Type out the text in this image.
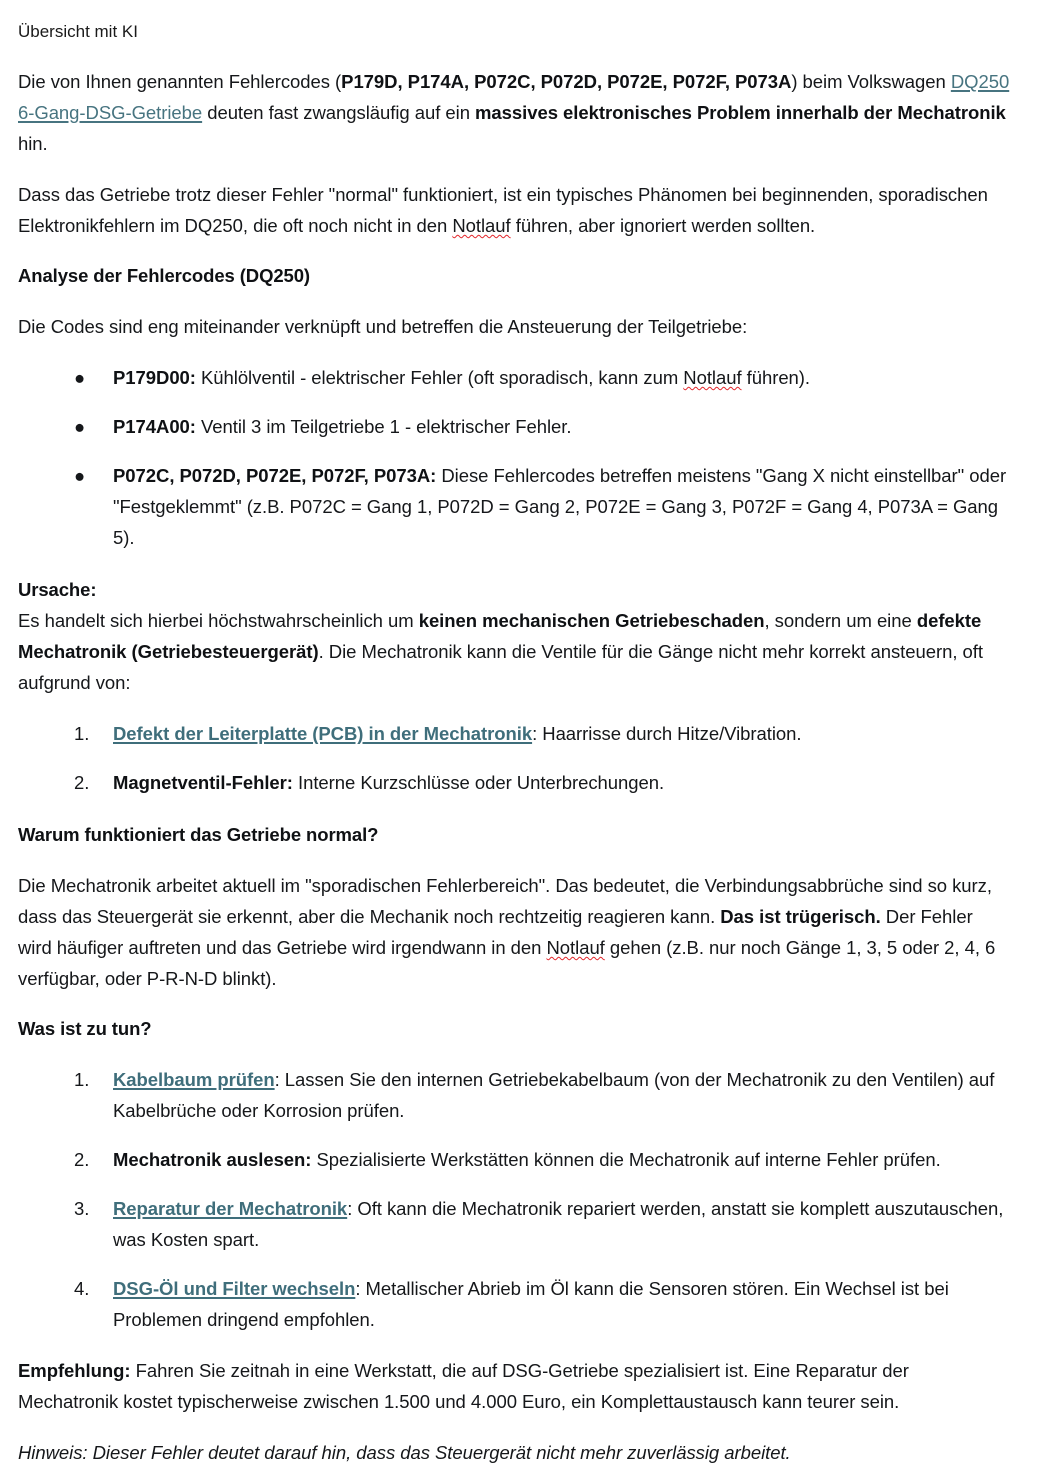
Übersicht mit KI

Die von Ihnen genannten Fehlercodes (P179D, P174A, P072C, P072D, P072E, P072F, P073A) beim Volkswagen DQ250 6-Gang-DSG-Getriebe deuten fast zwangsläufig auf ein massives elektronisches Problem innerhalb der Mechatronik hin.

Dass das Getriebe trotz dieser Fehler "normal" funktioniert, ist ein typisches Phänomen bei beginnenden, sporadischen Elektronikfehlern im DQ250, die oft noch nicht in den Notlauf führen, aber ignoriert werden sollten.

Analyse der Fehlercodes (DQ250)

Die Codes sind eng miteinander verknüpft und betreffen die Ansteuerung der Teilgetriebe:

● P179D00: Kühlölventil - elektrischer Fehler (oft sporadisch, kann zum Notlauf führen).
● P174A00: Ventil 3 im Teilgetriebe 1 - elektrischer Fehler.
● P072C, P072D, P072E, P072F, P073A: Diese Fehlercodes betreffen meistens "Gang X nicht einstellbar" oder "Festgeklemmt" (z.B. P072C = Gang 1, P072D = Gang 2, P072E = Gang 3, P072F = Gang 4, P073A = Gang 5).
Ursache:

Es handelt sich hierbei höchstwahrscheinlich um keinen mechanischen Getriebeschaden, sondern um eine defekte Mechatronik (Getriebesteuergerät). Die Mechatronik kann die Ventile für die Gänge nicht mehr korrekt ansteuern, oft aufgrund von:

1.	Defekt der Leiterplatte (PCB) in der Mechatronik: Haarrisse durch Hitze/Vibration.
2.	Magnetventil-Fehler: Interne Kurzschlüsse oder Unterbrechungen.
Warum funktioniert das Getriebe normal?

Die Mechatronik arbeitet aktuell im "sporadischen Fehlerbereich". Das bedeutet, die Verbindungsabbrüche sind so kurz, dass das Steuergerät sie erkennt, aber die Mechanik noch rechtzeitig reagieren kann. Das ist trügerisch. Der Fehler wird häufiger auftreten und das Getriebe wird irgendwann in den Notlauf gehen (z.B. nur noch Gänge 1, 3, 5 oder 2, 4, 6 verfügbar, oder P-R-N-D blinkt).

Was ist zu tun?
1.	Kabelbaum prüfen: Lassen Sie den internen Getriebekabelbaum (von der Mechatronik zu den Ventilen) auf Kabelbrüche oder Korrosion prüfen.
2.	Mechatronik auslesen: Spezialisierte Werkstätten können die Mechatronik auf interne Fehler prüfen.
3.	Reparatur der Mechatronik: Oft kann die Mechatronik repariert werden, anstatt sie komplett auszutauschen, was Kosten spart.
4.	DSG-Öl und Filter wechseln: Metallischer Abrieb im Öl kann die Sensoren stören. Ein Wechsel ist bei Problemen dringend empfohlen.

Empfehlung: Fahren Sie zeitnah in eine Werkstatt, die auf DSG-Getriebe spezialisiert ist. Eine Reparatur der Mechatronik kostet typischerweise zwischen 1.500 und 4.000 Euro, ein Komplettaustausch kann teurer sein.

Hinweis: Dieser Fehler deutet darauf hin, dass das Steuergerät nicht mehr zuverlässig arbeitet.
